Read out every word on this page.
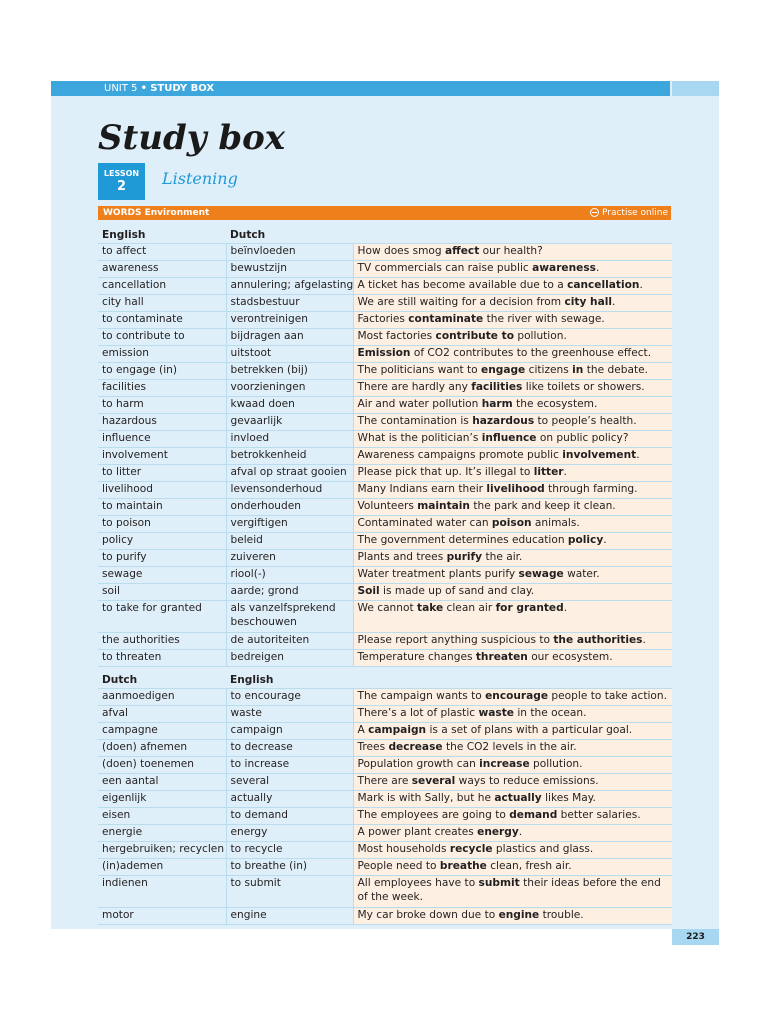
UNIT 5 • STUDY BOX
Study box
LESSON
2	Listening
WORDS Environment	Practise online
English	Dutch	
to affect	beïnvloeden	How does smog affect our health?
awareness	bewustzijn	TV commercials can raise public awareness.
cancellation	annulering; afgelasting	A ticket has become available due to a cancellation.
city hall	stadsbestuur	We are still waiting for a decision from city hall.
to contaminate	verontreinigen	Factories contaminate the river with sewage.
to contribute to	bijdragen aan	Most factories contribute to pollution.
emission	uitstoot	Emission of CO2 contributes to the greenhouse effect.
to engage (in)	betrekken (bij)	The politicians want to engage citizens in the debate.
facilities	voorzieningen	There are hardly any facilities like toilets or showers.
to harm	kwaad doen	Air and water pollution harm the ecosystem.
hazardous	gevaarlijk	The contamination is hazardous to people’s health.
influence	invloed	What is the politician’s influence on public policy?
involvement	betrokkenheid	Awareness campaigns promote public involvement.
to litter	afval op straat gooien	Please pick that up. It’s illegal to litter.
livelihood	levensonderhoud	Many Indians earn their livelihood through farming.
to maintain	onderhouden	Volunteers maintain the park and keep it clean.
to poison	vergiftigen	Contaminated water can poison animals.
policy	beleid	The government determines education policy.
to purify	zuiveren	Plants and trees purify the air.
sewage	riool(-)	Water treatment plants purify sewage water.
soil	aarde; grond	Soil is made up of sand and clay.
to take for granted	als vanzelfsprekend beschouwen	We cannot take clean air for granted.
the authorities	de autoriteiten	Please report anything suspicious to the authorities.
to threaten	bedreigen	Temperature changes threaten our ecosystem.
Dutch	English	
aanmoedigen	to encourage	The campaign wants to encourage people to take action.
afval	waste	There’s a lot of plastic waste in the ocean.
campagne	campaign	A campaign is a set of plans with a particular goal.
(doen) afnemen	to decrease	Trees decrease the CO2 levels in the air.
(doen) toenemen	to increase	Population growth can increase pollution.
een aantal	several	There are several ways to reduce emissions.
eigenlijk	actually	Mark is with Sally, but he actually likes May.
eisen	to demand	The employees are going to demand better salaries.
energie	energy	A power plant creates energy.
hergebruiken; recyclen	to recycle	Most households recycle plastics and glass.
(in)ademen	to breathe (in)	People need to breathe clean, fresh air.
indienen	to submit	All employees have to submit their ideas before the end of the week.
motor	engine	My car broke down due to engine trouble.
223
